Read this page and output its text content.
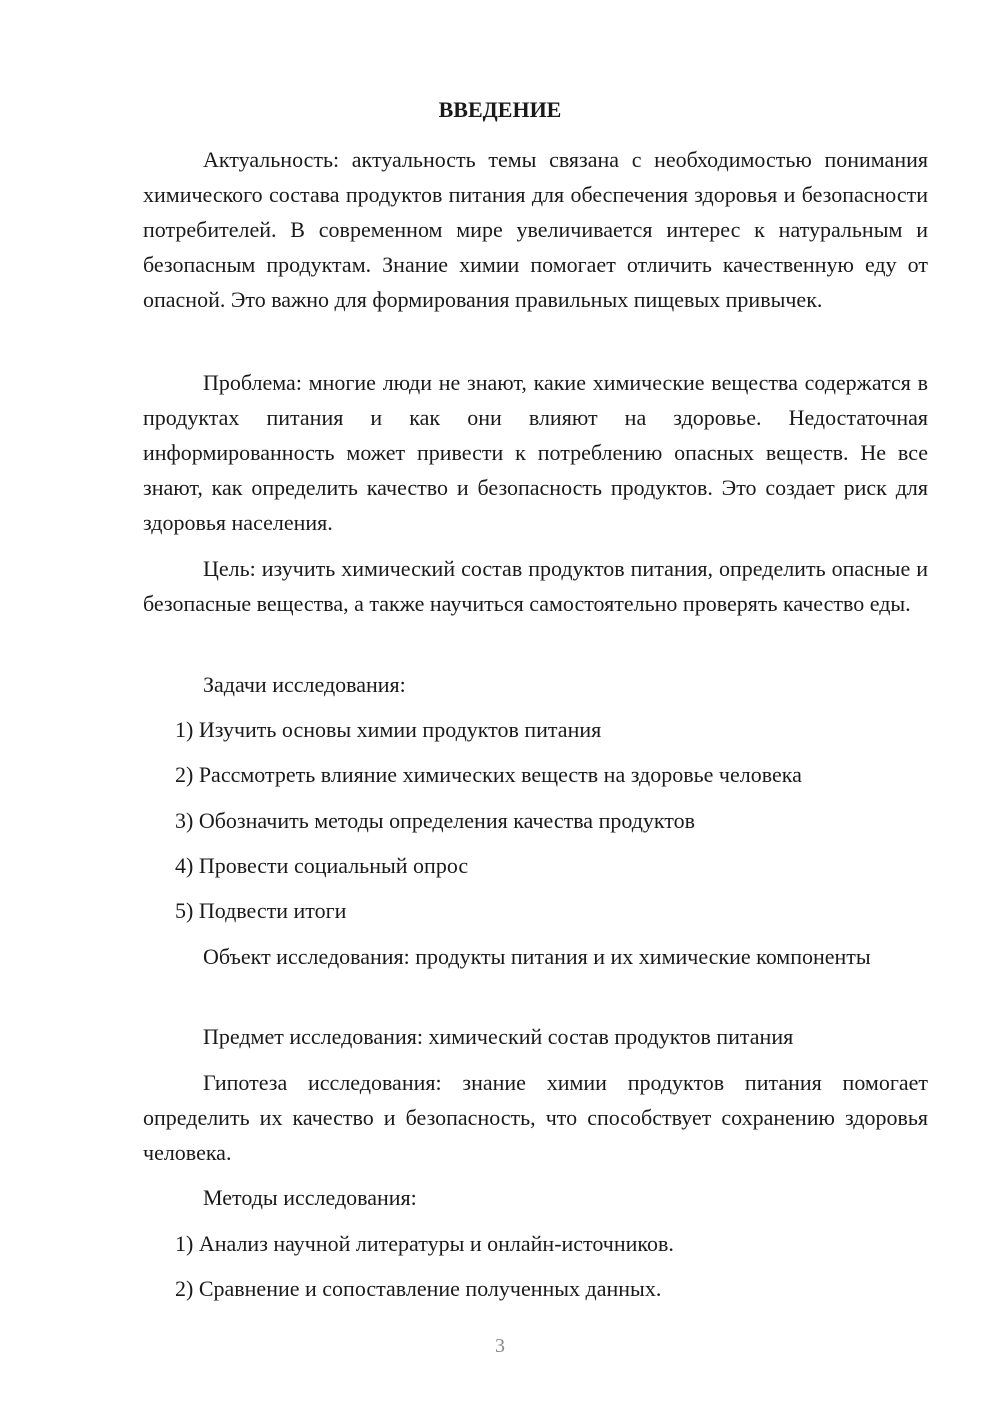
ВВЕДЕНИЕ
Актуальность: актуальность темы связана с необходимостью понимания химического состава продуктов питания для обеспечения здоровья и безопасности потребителей. В современном мире увеличивается интерес к натуральным и безопасным продуктам. Знание химии помогает отличить качественную еду от опасной. Это важно для формирования правильных пищевых привычек.
Проблема: многие люди не знают, какие химические вещества содержатся в продуктах питания и как они влияют на здоровье. Недостаточная информированность может привести к потреблению опасных веществ. Не все знают, как определить качество и безопасность продуктов. Это создает риск для здоровья населения.
Цель: изучить химический состав продуктов питания, определить опасные и безопасные вещества, а также научиться самостоятельно проверять качество еды.
Задачи исследования:
1) Изучить основы химии продуктов питания
2) Рассмотреть влияние химических веществ на здоровье человека
3) Обозначить методы определения качества продуктов
4) Провести социальный опрос
5) Подвести итоги
Объект исследования: продукты питания и их химические компоненты
Предмет исследования: химический состав продуктов питания
Гипотеза исследования: знание химии продуктов питания помогает определить их качество и безопасность, что способствует сохранению здоровья человека.
Методы исследования:
1) Анализ научной литературы и онлайн-источников.
2) Сравнение и сопоставление полученных данных.
3
